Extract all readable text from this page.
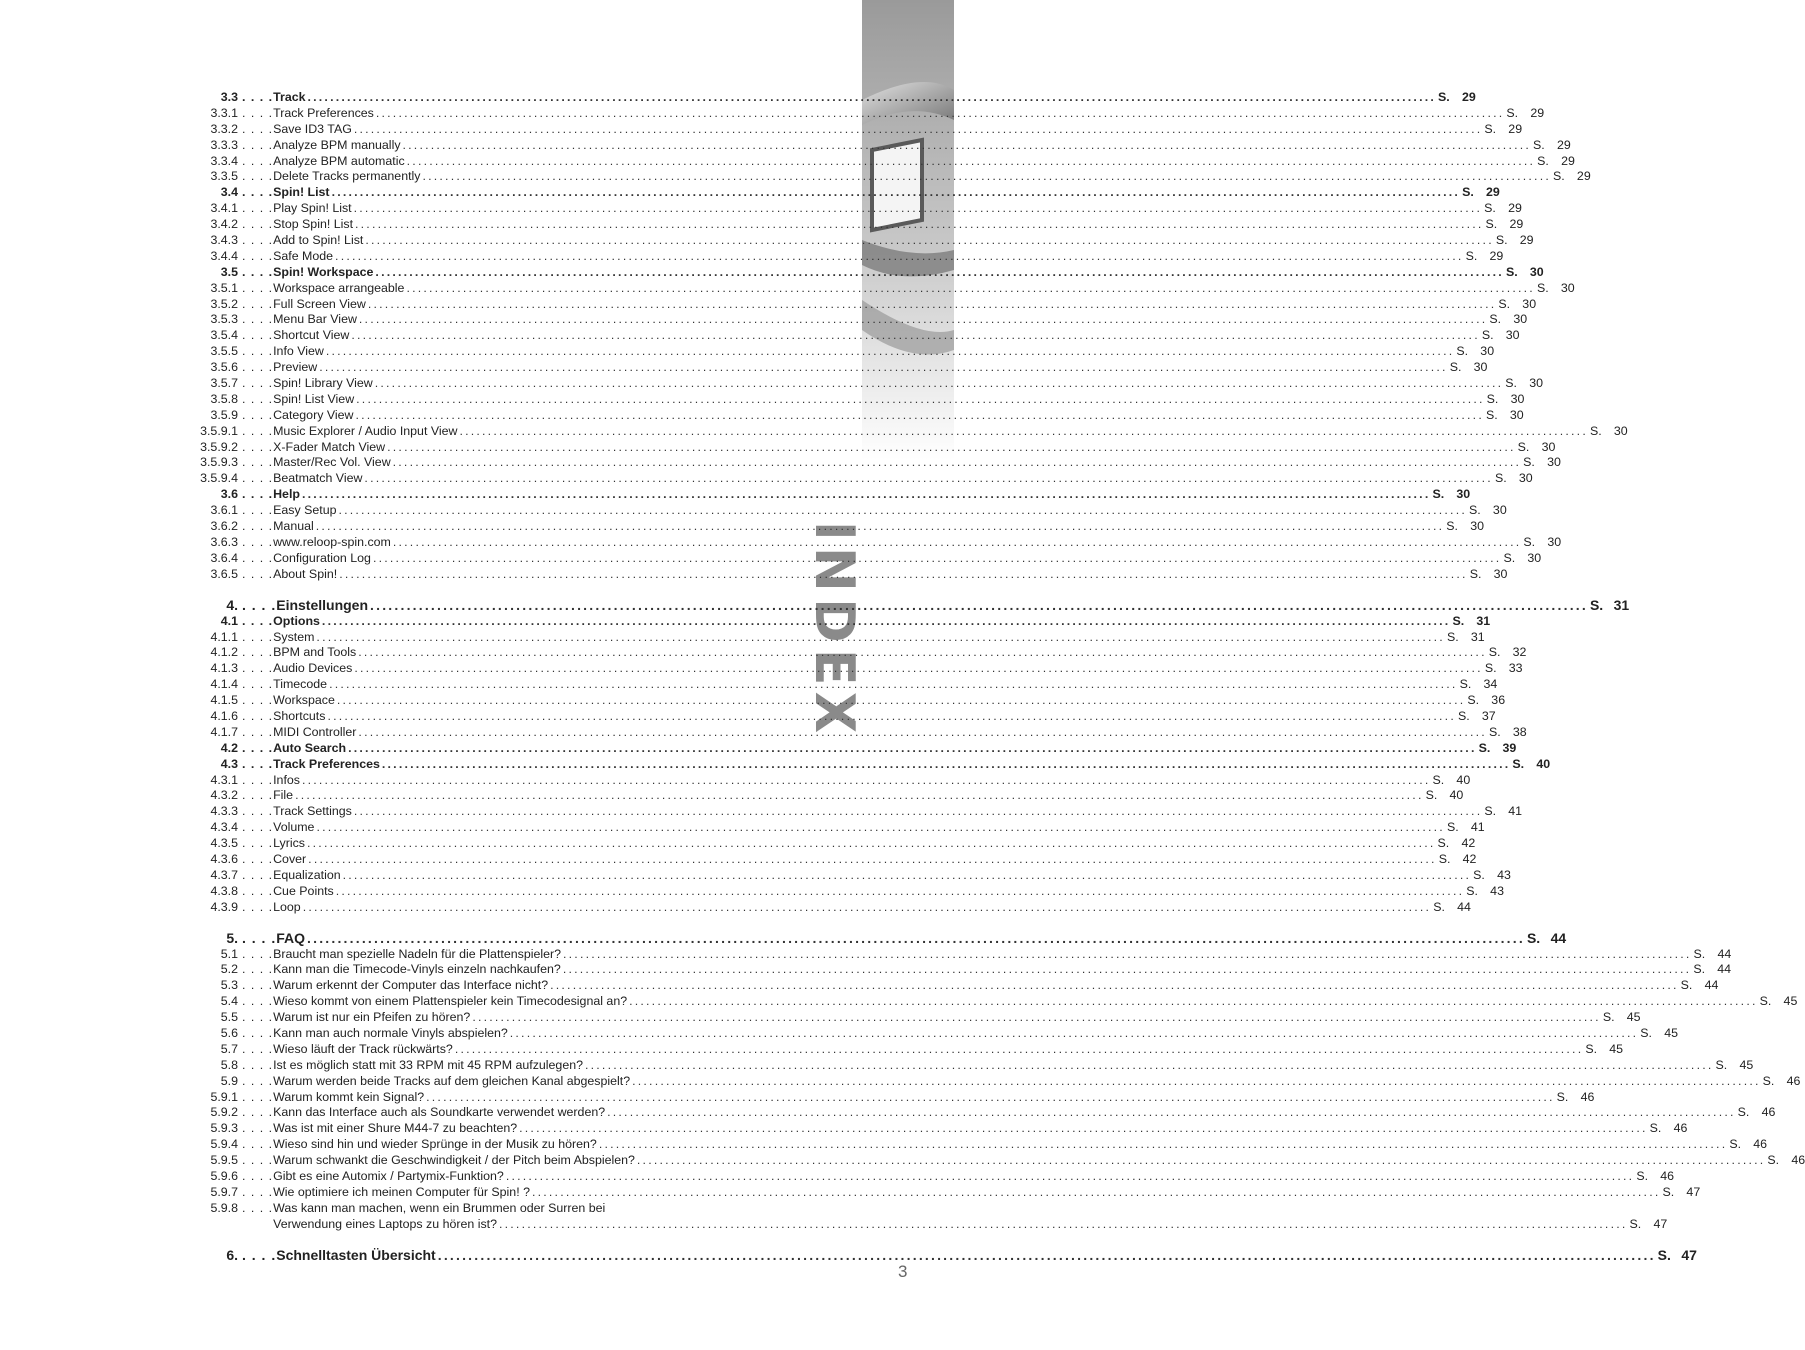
INDEX
3.3 . . . . Track ........................................................................................................................................................................................................ S. 29
3.3.1 . . . . Track Preferences ........................................................................................................................................................................................................ S. 29
3.3.2 . . . . Save ID3 TAG ........................................................................................................................................................................................................ S. 29
3.3.3 . . . . Analyze BPM manually ........................................................................................................................................................................................................ S. 29
3.3.4 . . . . Analyze BPM automatic ........................................................................................................................................................................................................ S. 29
3.3.5 . . . . Delete Tracks permanently ........................................................................................................................................................................................................ S. 29
3.4 . . . . Spin! List ........................................................................................................................................................................................................ S. 29
3.4.1 . . . . Play Spin! List ........................................................................................................................................................................................................ S. 29
3.4.2 . . . . Stop Spin! List ........................................................................................................................................................................................................ S. 29
3.4.3 . . . . Add to Spin! List ........................................................................................................................................................................................................ S. 29
3.4.4 . . . . Safe Mode ........................................................................................................................................................................................................ S. 29
3.5 . . . . Spin! Workspace ........................................................................................................................................................................................................ S. 30
3.5.1 . . . . Workspace arrangeable ........................................................................................................................................................................................................ S. 30
3.5.2 . . . . Full Screen View ........................................................................................................................................................................................................ S. 30
3.5.3 . . . . Menu Bar View ........................................................................................................................................................................................................ S. 30
3.5.4 . . . . Shortcut View ........................................................................................................................................................................................................ S. 30
3.5.5 . . . . Info View ........................................................................................................................................................................................................ S. 30
3.5.6 . . . . Preview ........................................................................................................................................................................................................ S. 30
3.5.7 . . . . Spin! Library View ........................................................................................................................................................................................................ S. 30
3.5.8 . . . . Spin! List View ........................................................................................................................................................................................................ S. 30
3.5.9 . . . . Category View ........................................................................................................................................................................................................ S. 30
3.5.9.1 . . . . Music Explorer / Audio Input View ........................................................................................................................................................................................................ S. 30
3.5.9.2 . . . . X-Fader Match View ........................................................................................................................................................................................................ S. 30
3.5.9.3 . . . . Master/Rec Vol. View ........................................................................................................................................................................................................ S. 30
3.5.9.4 . . . . Beatmatch View ........................................................................................................................................................................................................ S. 30
3.6 . . . . Help ........................................................................................................................................................................................................ S. 30
3.6.1 . . . . Easy Setup ........................................................................................................................................................................................................ S. 30
3.6.2 . . . . Manual ........................................................................................................................................................................................................ S. 30
3.6.3 . . . . www.reloop-spin.com ........................................................................................................................................................................................................ S. 30
3.6.4 . . . . Configuration Log ........................................................................................................................................................................................................ S. 30
3.6.5 . . . . About Spin! ........................................................................................................................................................................................................ S. 30
4. . . . . Einstellungen ........................................................................................................................................................................................................ S. 31
4.1 . . . . Options ........................................................................................................................................................................................................ S. 31
4.1.1 . . . . System ........................................................................................................................................................................................................ S. 31
4.1.2 . . . . BPM and Tools ........................................................................................................................................................................................................ S. 32
4.1.3 . . . . Audio Devices ........................................................................................................................................................................................................ S. 33
4.1.4 . . . . Timecode ........................................................................................................................................................................................................ S. 34
4.1.5 . . . . Workspace ........................................................................................................................................................................................................ S. 36
4.1.6 . . . . Shortcuts ........................................................................................................................................................................................................ S. 37
4.1.7 . . . . MIDI Controller ........................................................................................................................................................................................................ S. 38
4.2 . . . . Auto Search ........................................................................................................................................................................................................ S. 39
4.3 . . . . Track Preferences ........................................................................................................................................................................................................ S. 40
4.3.1 . . . . Infos ........................................................................................................................................................................................................ S. 40
4.3.2 . . . . File ........................................................................................................................................................................................................ S. 40
4.3.3 . . . . Track Settings ........................................................................................................................................................................................................ S. 41
4.3.4 . . . . Volume ........................................................................................................................................................................................................ S. 41
4.3.5 . . . . Lyrics ........................................................................................................................................................................................................ S. 42
4.3.6 . . . . Cover ........................................................................................................................................................................................................ S. 42
4.3.7 . . . . Equalization ........................................................................................................................................................................................................ S. 43
4.3.8 . . . . Cue Points ........................................................................................................................................................................................................ S. 43
4.3.9 . . . . Loop ........................................................................................................................................................................................................ S. 44
5. . . . . FAQ ........................................................................................................................................................................................................ S. 44
5.1 . . . . Braucht man spezielle Nadeln für die Plattenspieler? ........................................................................................................................................................................................................ S. 44
5.2 . . . . Kann man die Timecode-Vinyls einzeln nachkaufen? ........................................................................................................................................................................................................ S. 44
5.3 . . . . Warum erkennt der Computer das Interface nicht? ........................................................................................................................................................................................................ S. 44
5.4 . . . . Wieso kommt von einem Plattenspieler kein Timecodesignal an? ........................................................................................................................................................................................................ S. 45
5.5 . . . . Warum ist nur ein Pfeifen zu hören? ........................................................................................................................................................................................................ S. 45
5.6 . . . . Kann man auch normale Vinyls abspielen? ........................................................................................................................................................................................................ S. 45
5.7 . . . . Wieso läuft der Track rückwärts? ........................................................................................................................................................................................................ S. 45
5.8 . . . . Ist es möglich statt mit 33 RPM mit 45 RPM aufzulegen? ........................................................................................................................................................................................................ S. 45
5.9 . . . . Warum werden beide Tracks auf dem gleichen Kanal abgespielt? ........................................................................................................................................................................................................ S. 46
5.9.1 . . . . Warum kommt kein Signal? ........................................................................................................................................................................................................ S. 46
5.9.2 . . . . Kann das Interface auch als Soundkarte verwendet werden? ........................................................................................................................................................................................................ S. 46
5.9.3 . . . . Was ist mit einer Shure M44-7 zu beachten? ........................................................................................................................................................................................................ S. 46
5.9.4 . . . . Wieso sind hin und wieder Sprünge in der Musik zu hören? ........................................................................................................................................................................................................ S. 46
5.9.5 . . . . Warum schwankt die Geschwindigkeit / der Pitch beim Abspielen? ........................................................................................................................................................................................................ S. 46
5.9.6 . . . . Gibt es eine Automix / Partymix-Funktion? ........................................................................................................................................................................................................ S. 46
5.9.7 . . . . Wie optimiere ich meinen Computer für Spin! ? ........................................................................................................................................................................................................ S. 47
5.9.8 . . . . Was kann man machen, wenn ein Brummen oder Surren bei
Verwendung eines Laptops zu hören ist? ........................................................................................................................................................................................................ S. 47
6. . . . . Schnelltasten Übersicht ........................................................................................................................................................................................................ S. 47
3
